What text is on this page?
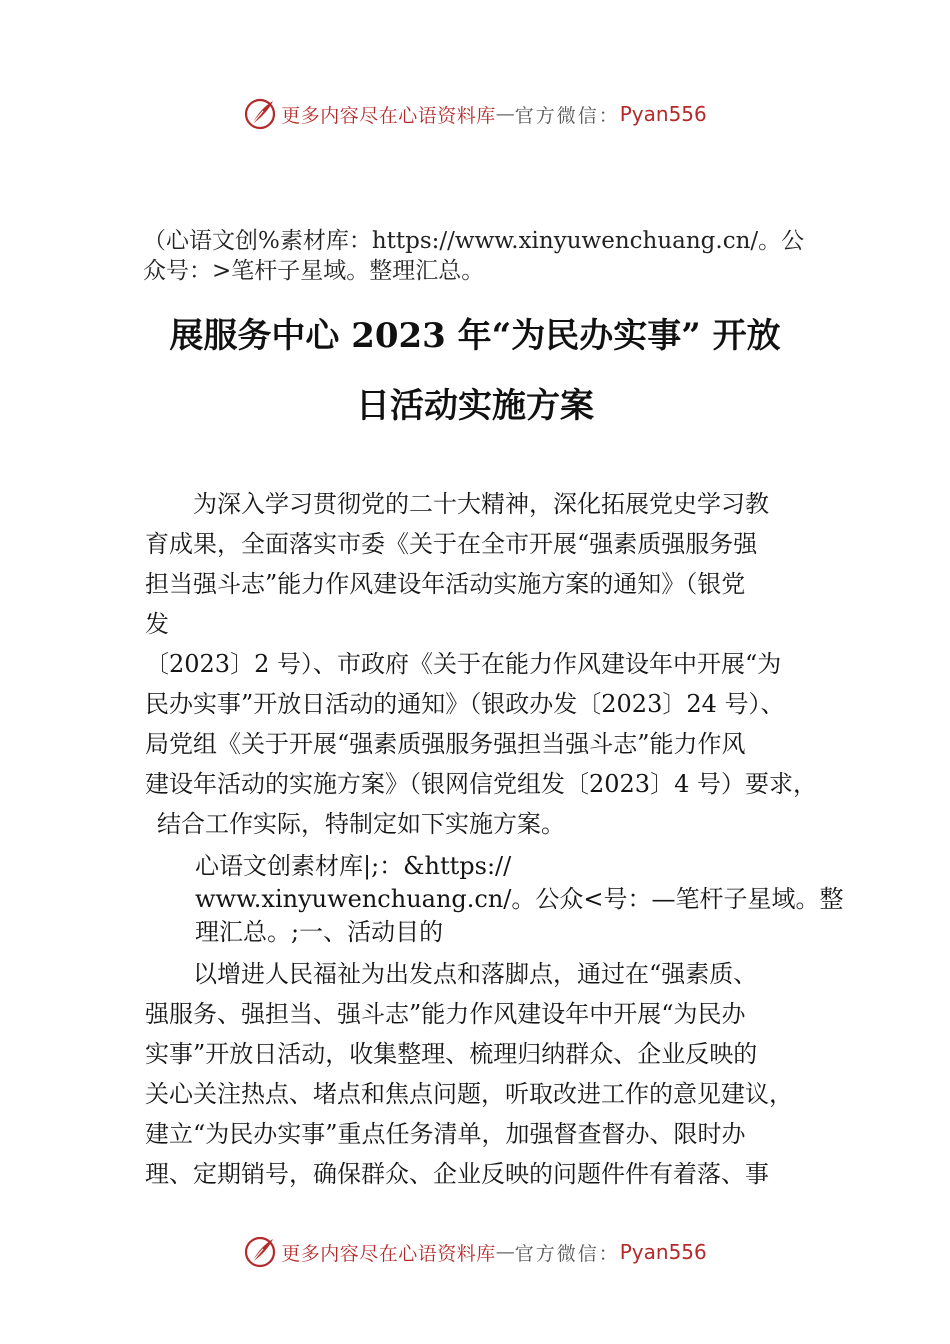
更多内容尽在心语资料库 — 官方微信： Pyan556
（心语文创%素材库：https://www.xinyuwenchuang.cn/。公
众号：>笔杆子星域。整理汇总。
展服务中心 2023 年“为民办实事” 开放
日活动实施方案
为深入学习贯彻党的二十大精神，深化拓展党史学习教
育成果，全面落实市委《关于在全市开展“强素质强服务强
担当强斗志”能力作风建设年活动实施方案的通知》（银党
发
〔2023〕2 号）、市政府《关于在能力作风建设年中开展“为
民办实事”开放日活动的通知》（银政办发〔2023〕24 号）、
局党组《关于开展“强素质强服务强担当强斗志”能力作风
建设年活动的实施方案》（银网信党组发〔2023〕4 号）要求，
结合工作实际，特制定如下实施方案。
心语文创素材库|;：&https://
www.xinyuwenchuang.cn/。公众<号：—笔杆子星域。整
理汇总。;一、活动目的
以增进人民福祉为出发点和落脚点，通过在“强素质、
强服务、强担当、强斗志”能力作风建设年中开展“为民办
实事”开放日活动，收集整理、梳理归纳群众、企业反映的
关心关注热点、堵点和焦点问题，听取改进工作的意见建议，
建立“为民办实事”重点任务清单，加强督查督办、限时办
理、定期销号，确保群众、企业反映的问题件件有着落、事
更多内容尽在心语资料库 — 官方微信： Pyan556
